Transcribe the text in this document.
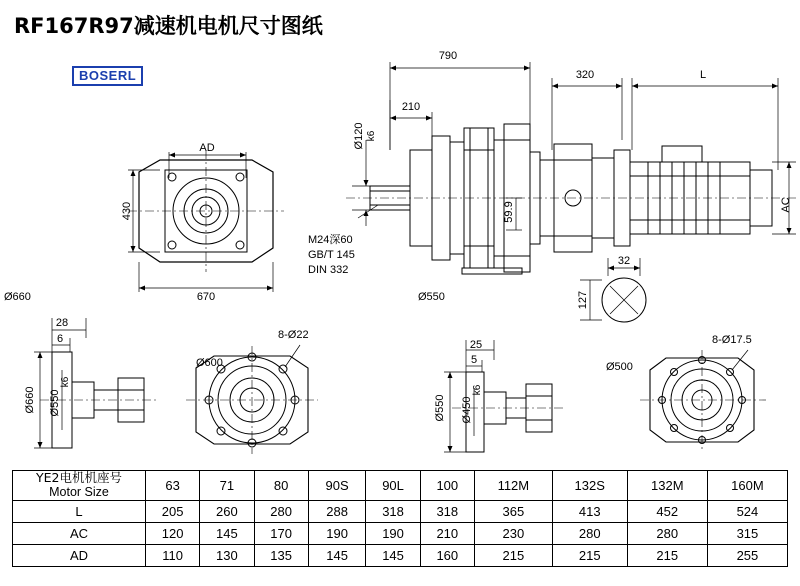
RF167R97减速机电机尺寸图纸
BOSERL
790
320	L
210
Ø120 k6
59.9	AC
AD
430
670
M24深60
GB/T 145
DIN 332
Ø550
32
127
Ø660
28
6
Ø660 Ø550
k6
Ø600
8-Ø22
25
5
Ø550 Ø450
k6
Ø500
8-Ø17.5
YE2电机机座号
Motor Size	63	71	80	90S	90L	100	112M	132S	132M	160M
L	205	260	280	288	318	318	365	413	452	524
AC	120	145	170	190	190	210	230	280	280	315
AD	110	130	135	145	145	160	215	215	215	255
